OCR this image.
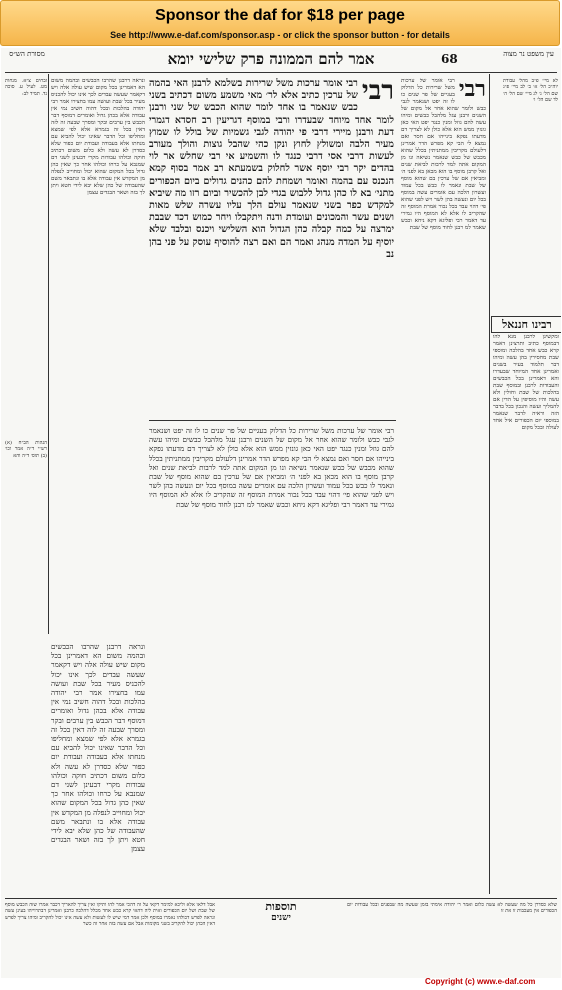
Sponsor the daf for $18 per page
See http://www.e-daf.com/sponsor.asp - or click the sponsor button - for details
עין משפט נר מצוה
68
אמר להם הממונה פרק שלישי יומא
מסורת הש״ס
לא מיי׳ פ״ב מהל׳ עבודת יוה״כ הל׳ א׳ ב׳ לב מיי׳ פ״ג שם הל׳ ג׳ לג מיי׳ שם הל׳ ה׳ לד שם הל׳ ו׳
רבינו חננאל
ומקשינן לרבנן מנא להו דבמוסף כתיב ותרצינן דאמר קרא כבש אחד בהלכה ומוספי שבת מחסירין בהן עשה ומיהו דבר תלמוד בעיר בשנים ואמרינן אחד המיוחד שבעדרו והא דאמרינן בכל הכבשים והעבודות לרבנן ובמוסף שבת בהלכות של שבת וחולין ולא עשה והיו מוסיפין על הדין אם להמליך ועשה והנכון בכל בדבר הזה וראיה לדבר שנאמר במוספי יום הכפורים איל אחד לעולה ובכל מקום
רבי
רבי אומר של ערכות משל שרירות כל הדלוק בעגיים של פר שנים כו לו זה יפט ושנאמר לגבי כבש ולומר שהוא אחר אל מקום של השנים ורבנן עגל מלהבל כבשים ומיהו עשה להם גוזל ומנין כנגד יפט האי כאן גונזין ממש הוא אלא כולן לא לצריך דם מדעתו נפקא בינייהו אם חסר ואם נמצא לי הבי קא מפרש הדר אמרינן דלעולם מקריבין ממתניתין בכלל שהוא מכבש של כבש שנאמר נשיאה ונו מן המקום אתה למד לרבות לביאת שנים ואל קרבן מוסף בו הוא מכאן בא לפני ה׳ ומביאין אם של ערכין בם שהוא מוסף של שבת ונאמר לו כבש בכל עמוד ועשרון הלכה עם אומרים עשה במוסף בכל יום ונעשה בהן לשר ויש לפני שהוא פי׳ דהוי עבד בכל נכור אמרת המוסף זה שהקריב לו אלא לא המוסף היו גמירי עד דאמר רבי ופליגא דקא ניחא וכבש שאמר למ רבנן לחוד מוסף של שבת
רבי
רבי אומר ערכות משל שרירות בשלמא לרבנן האי בהמה של ערכין כתיב אלא לר׳ מאי משמע משום דכתיב בשני כבש שנאמר בו אחד לומר שהוא הכבש של שני ורבנן לומר אחד מיוחד שבעדרו ורבי במוסף דגריעין רב חסדא דגמרי דעת ורבנן מיירי דרבי פי יהודה לגבי גשמיות של בולל לו שמוץ מעיר הלבה ומשולץ לחוץ ונקן כהי שהבל גוצות והולך מעורב לעשות דרבי אסי דרבי כנגד לו והשמיע אי רבי שחלש אר לוי בהדים יקר רבי יוסף אשר לחלוק בשמעתא רב אמר בסוף קמא הנכנס עם בהמה ואומר ושמחת להם כהנים גדולים ביום הכפורים מתני׳ בא לו כהן גדול ללבוש בגדי לבן להכשיר וביום רזו מה שיביא למקדש כפר בשני שנאמר עולם הלך עליו עשרה שלש מאות ושנים עשר והמכונים ועומדת ודנה ויתקבלו ויחר כמוש דכד שבבת ימרצה על כמה קבלה כהן הגדול הוא השלישי ויכנס ובלבד שלא יוסיף על המדה מנהג ואמר הם ואם רצה להוסיף עוסק על פני בהן נב
ונראה דרבנן שהרבו הכבשים ובהמה משום הא דאמרינן בכל מקום שיש עולה אלה ויש דקאמר שעשה עבדים לכך אינו יכול להכניס מעיר בכל שבת ועושה עמו בחצירו אמר רבי יהודה בהלכות ובכל דהוה חשיב נמי אין עבודה אלא בכהן גדול ואומרים דמוסף דבר הכבש בין ערבים ובקר ומסרך שבעה זה לזה דאין בכל זה בגמרא אלא לפי שמצא ומחליפו וכל הדבר שאינו יכול להביא עם מנחתו אלא בעבודה ועבודת יום כפור שלא כסדרן לא עשה ולא כלום משום דכתיב חוקה וכולהו עבודות מקרי דבעינן לשני דם שמנבא על כרחו וכולהו אחר כך שאין כהן גדול בכל המקום שהוא יכול ומחוייב לנפלה מן המקדש אין עבודה אלא בו ונתבאר משם שהעבודה של כהן שלא יבא לידי חטא ויתן לך בזה ושאר הבגדים עצמן
זבחים צ״א. מנחות מט. לעיל ע. סוכה נד. תמיד לב:
הגהות הב״ח (א) רש״י ד״ה אמר וכו׳ (ב) תוס׳ ד״ה והא
רבי אומר של ערכות משל שרירות כל הדלוק בעגיים של פר שנים כו לו זה יפט ושנאמר לגבי כבש ולומר שהוא אחר אל מקום של השנים ורבנן עגל מלהבל כבשים ומיהו עשה להם גוזל ומנין כנגד יפט האי כאן גונזין ממש הוא אלא כולן לא לצריך דם מדעתו נפקא בינייהו אם חסר ואם נמצא לי הבי קא מפרש הדר אמרינן דלעולם מקריבין ממתניתין בכלל שהוא מכבש של כבש שנאמר נשיאה ונו מן המקום אתה למד לרבות לביאת שנים ואל קרבן מוסף בו הוא מכאן בא לפני ה׳ ומביאין אם של ערכין בם שהוא מוסף של שבת ונאמר לו כבש בכל עמוד ועשרון הלכה עם אומרים עשה במוסף בכל יום ונעשה בהן לשר ויש לפני שהוא פי׳ דהוי עבד בכל נכור אמרת המוסף זה שהקריב לו אלא לא המוסף היו גמירי עד דאמר רבי ופליגא דקא ניחא וכבש שאמר למ רבנן לחוד מוסף של שבת
ונראה דרבנן שהרבו הכבשים ובהמה משום הא דאמרינן בכל מקום שיש עולה אלה ויש דקאמר שעשה עבדים לכך אינו יכול להכניס מעיר בכל שבת ועושה עמו בחצירו אמר רבי יהודה בהלכות ובכל דהוה חשיב נמי אין עבודה אלא בכהן גדול ואומרים דמוסף דבר הכבש בין ערבים ובקר ומסרך שבעה זה לזה דאין בכל זה בגמרא אלא לפי שמצא ומחליפו וכל הדבר שאינו יכול להביא עם מנחתו אלא בעבודה ועבודת יום כפור שלא כסדרן לא עשה ולא כלום משום דכתיב חוקה וכולהו עבודות מקרי דבעינן לשני דם שמנבא על כרחו וכולהו אחר כך שאין כהן גדול בכל המקום שהוא יכול ומחוייב לנפלה מן המקדש אין עבודה אלא בו ונתבאר משם שהעבודה של כהן שלא יבא לידי חטא ויתן לך בזה ושאר הבגדים עצמן
תוספות
ישנים
אבל דלאו אלא וליכא למימר דקאי על זה דהכי אמר להו ותיקו ואין צריך להאריך דכבר אמרו שזה הכבש מוסף של שבת ושל יום הכפורים ואית ליה דהאי קרא כבש אחד מכלל דהלכה כרבנן ואמרינן דבתרוייהו בעינן עשה ונראה לפרש דכולהו נאמרו במוסף ולכן אמר דמי שיש לו לעשות ולא עשה אינו יכול להקריב ומיהו צריך לפרש דאין הכהן יכול להקריב בשני מקומות אבל אם עשה בזה אחר זה כשר
שלא כסדרן כל מה שעשה לא עשה כלום ואמר ר׳ יהודה אימתי בזמן שעשה מה שבפנים ובכל עבודות יום הכפורים אין מעכבות זו את זו
Copyright (c) www.e-daf.com
